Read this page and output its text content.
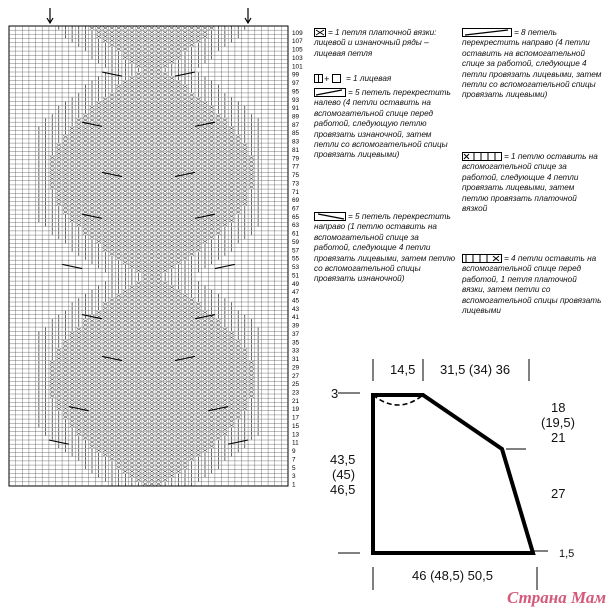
1
3
5
7
9
11
13
15
17
19
21
23
25
27
29
31
33
35
37
39
41
43
45
47
49
51
53
55
57
59
61
63
65
67
69
71
73
75
77
79
81
83
85
87
89
91
93
95
97
99
101
103
105
107
109	= 1 петля платочной вязки: лицевой и изнаночный ряды – лицевая петля
+ = 1 лицевая
= 5 петель перекрестить налево (4 петли оставить на вспомогательной спице перед работой, следующую петлю провязать изнаночной, затем петли со вспомогательной спицы провязать лицевыми)
= 5 петель перекрестить направо (1 петлю оставить на вспомогательной спице за работой, следующие 4 петли провязать лицевыми, затем петлю со вспомогательной спицы провязать изнаночной)
= 8 петель перекрестить направо (4 петли оставить на вспомогательной спице за работой, следующие 4 петли провязать лицевыми, затем петли со вспомогательной спицы провязать лицевыми)
= 1 петлю оставить на вспомогательной спице за работой, следующие 4 петли провязать лицевыми, затем петлю провязать платочной вязкой
= 4 петли оставить на вспомогательной спице перед работой, 1 петля платочной вязки, затем петли со вспомогательной спицы провязать лицевыми
14,5 31,5 (34) 36
3
18
(19,5)
21
27
43,5
(45)
46,5
1,5
46 (48,5) 50,5
Страна Мам
